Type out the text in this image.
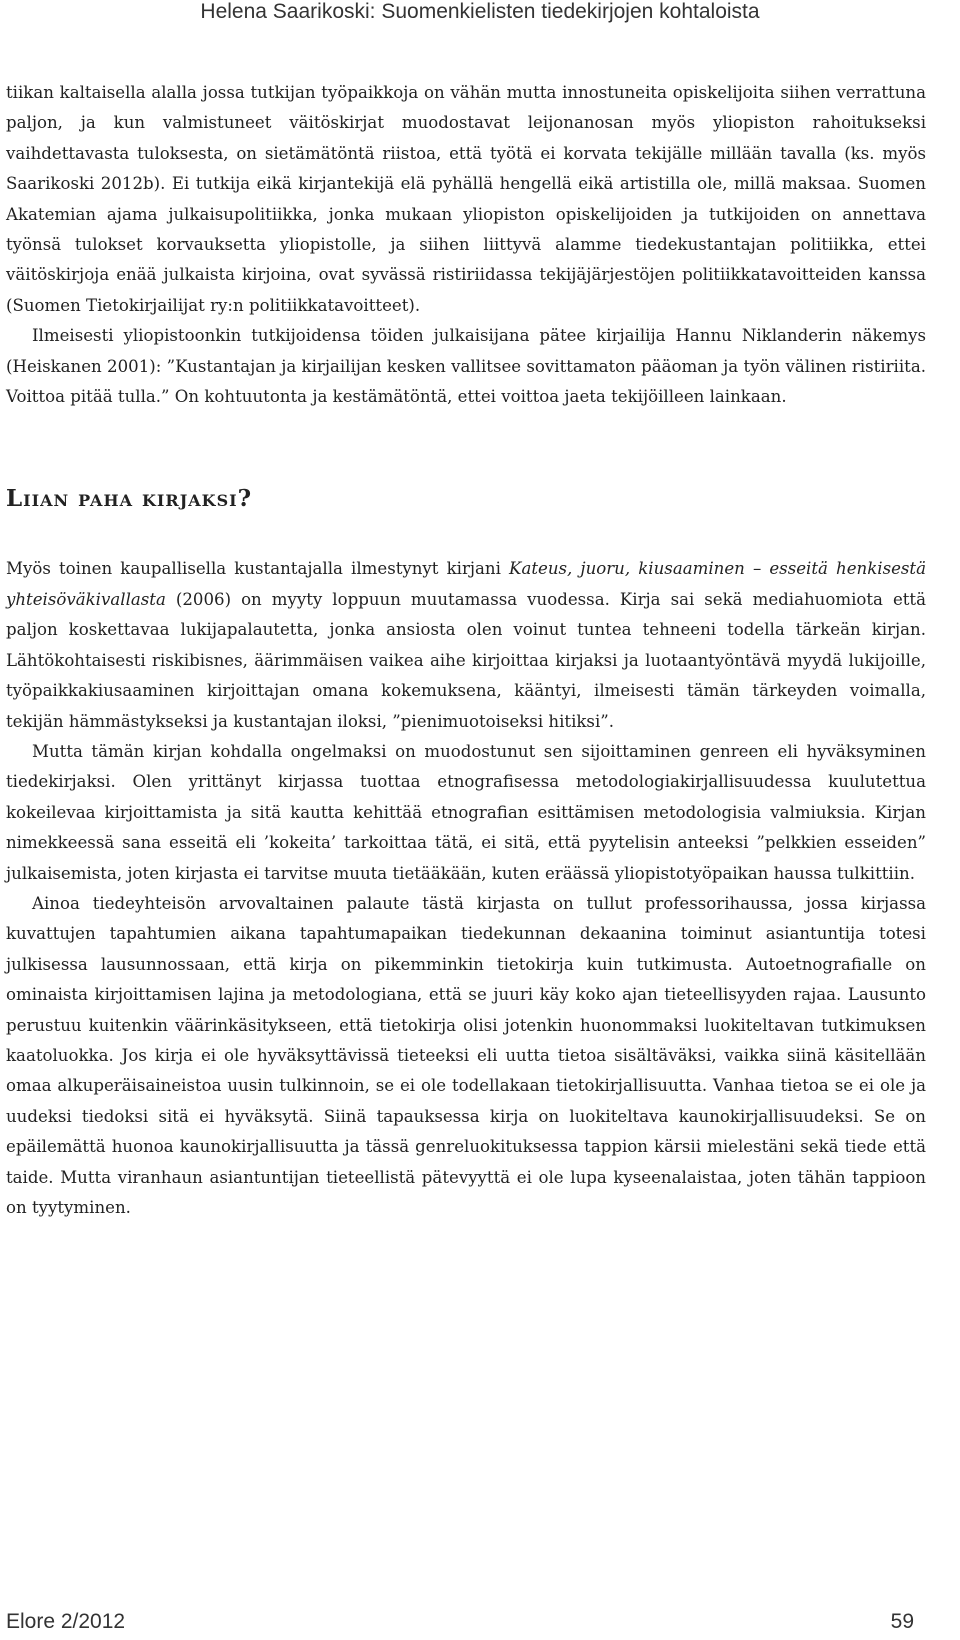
Helena Saarikoski: Suomenkielisten tiedekirjojen kohtaloista

tiikan kaltaisella alalla jossa tutkijan työpaikkoja on vähän mutta innostuneita opiskelijoita siihen verrattuna paljon, ja kun valmistuneet väitöskirjat muodostavat leijonanosan myös yliopiston rahoitukseksi vaihdettavasta tuloksesta, on sietämätöntä riistoa, että työtä ei korvata tekijälle millään tavalla (ks. myös Saarikoski 2012b). Ei tutkija eikä kirjantekijä elä pyhällä hengellä eikä artistilla ole, millä maksaa. Suomen Akatemian ajama julkaisupolitiikka, jonka mukaan yliopiston opiskelijoiden ja tutkijoiden on annettava työnsä tulokset korvauksetta yliopistolle, ja siihen liittyvä alamme tiedekustantajan politiikka, ettei väitöskirjoja enää julkaista kirjoina, ovat syvässä ristiriidassa tekijäjärjestöjen politiikkatavoitteiden kanssa (Suomen Tietokirjailijat ry:n politiikkatavoitteet).

Ilmeisesti yliopistoonkin tutkijoidensa töiden julkaisijana pätee kirjailija Hannu Niklanderin näkemys (Heiskanen 2001): ”Kustantajan ja kirjailijan kesken vallitsee sovittamaton pääoman ja työn välinen ristiriita. Voittoa pitää tulla.” On kohtuutonta ja kestämätöntä, ettei voittoa jaeta tekijöilleen lainkaan.

Liian paha kirjaksi?

Myös toinen kaupallisella kustantajalla ilmestynyt kirjani Kateus, juoru, kiusaaminen – esseitä henkisestä yhteisöväkivallasta (2006) on myyty loppuun muutamassa vuodessa. Kirja sai sekä mediahuomiota että paljon koskettavaa lukijapalautetta, jonka ansiosta olen voinut tuntea tehneeni todella tärkeän kirjan. Lähtökohtaisesti riskibisnes, äärimmäisen vaikea aihe kirjoittaa kirjaksi ja luotaantyöntävä myydä lukijoille, työpaikkakiusaaminen kirjoittajan omana kokemuksena, kääntyi, ilmeisesti tämän tärkeyden voimalla, tekijän hämmästykseksi ja kustantajan iloksi, ”pienimuotoiseksi hitiksi”.

Mutta tämän kirjan kohdalla ongelmaksi on muodostunut sen sijoittaminen genreen eli hyväksyminen tiedekirjaksi. Olen yrittänyt kirjassa tuottaa etnografisessa metodologiakirjallisuudessa kuulutettua kokeilevaa kirjoittamista ja sitä kautta kehittää etnografian esittämisen metodologisia valmiuksia. Kirjan nimekkeessä sana esseitä eli ’kokeita’ tarkoittaa tätä, ei sitä, että pyytelisin anteeksi ”pelkkien esseiden” julkaisemista, joten kirjasta ei tarvitse muuta tietääkään, kuten eräässä yliopistotyöpaikan haussa tulkittiin.

Ainoa tiedeyhteisön arvovaltainen palaute tästä kirjasta on tullut professorihaussa, jossa kirjassa kuvattujen tapahtumien aikana tapahtumapaikan tiedekunnan dekaanina toiminut asiantuntija totesi julkisessa lausunnossaan, että kirja on pikemminkin tietokirja kuin tutkimusta. Autoetnografialle on ominaista kirjoittamisen lajina ja metodologiana, että se juuri käy koko ajan tieteellisyyden rajaa. Lausunto perustuu kuitenkin väärinkäsitykseen, että tietokirja olisi jotenkin huonommaksi luokiteltavan tutkimuksen kaatoluokka. Jos kirja ei ole hyväksyttävissä tieteeksi eli uutta tietoa sisältäväksi, vaikka siinä käsitellään omaa alkuperäisaineistoa uusin tulkinnoin, se ei ole todellakaan tietokirjallisuutta. Vanhaa tietoa se ei ole ja uudeksi tiedoksi sitä ei hyväksytä. Siinä tapauksessa kirja on luokiteltava kaunokirjallisuudeksi. Se on epäilemättä huonoa kaunokirjallisuutta ja tässä genreluokituksessa tappion kärsii mielestäni sekä tiede että taide. Mutta viranhaun asiantuntijan tieteellistä pätevyyttä ei ole lupa kyseenalaistaa, joten tähän tappioon on tyytyminen.

Elore 2/2012	59
